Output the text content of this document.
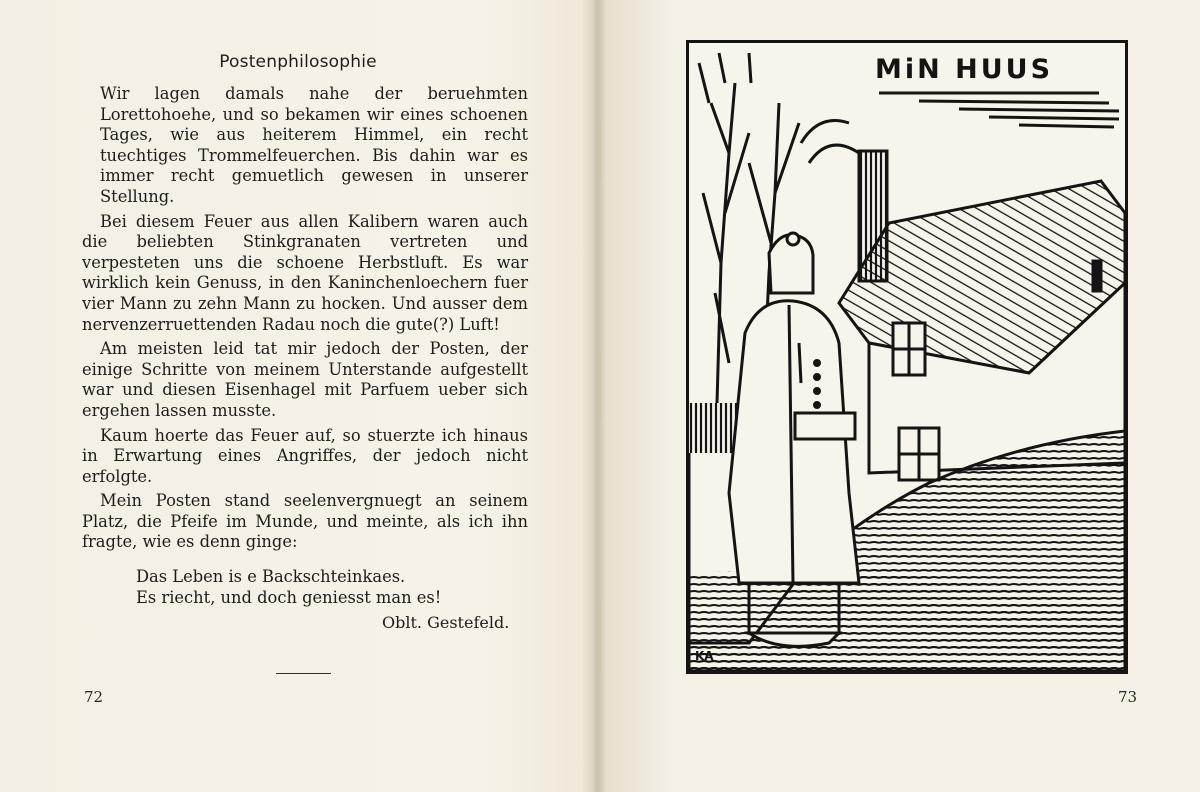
Postenphilosophie

Wir lagen damals nahe der beruehmten Lorettohoehe, und so bekamen wir eines schoenen Tages, wie aus heiterem Himmel, ein recht tuechtiges Trommelfeuerchen. Bis dahin war es immer recht gemuetlich gewesen in unserer Stellung.

Bei diesem Feuer aus allen Kalibern waren auch die beliebten Stinkgranaten vertreten und verpesteten uns die schoene Herbstluft. Es war wirklich kein Genuss, in den Kaninchenloechern fuer vier Mann zu zehn Mann zu hocken. Und ausser dem nervenzerruettenden Radau noch die gute(?) Luft!

Am meisten leid tat mir jedoch der Posten, der einige Schritte von meinem Unterstande aufgestellt war und diesen Eisenhagel mit Parfuem ueber sich ergehen lassen musste.

Kaum hoerte das Feuer auf, so stuerzte ich hinaus in Erwartung eines Angriffes, der jedoch nicht erfolgte.

Mein Posten stand seelenvergnuegt an seinem Platz, die Pfeife im Munde, und meinte, als ich ihn fragte, wie es denn ginge:

Das Leben is e Backschteinkaes.
Es riecht, und doch geniesst man es!
Oblt. Gestefeld.
72
MiN HUUS
KA
73
